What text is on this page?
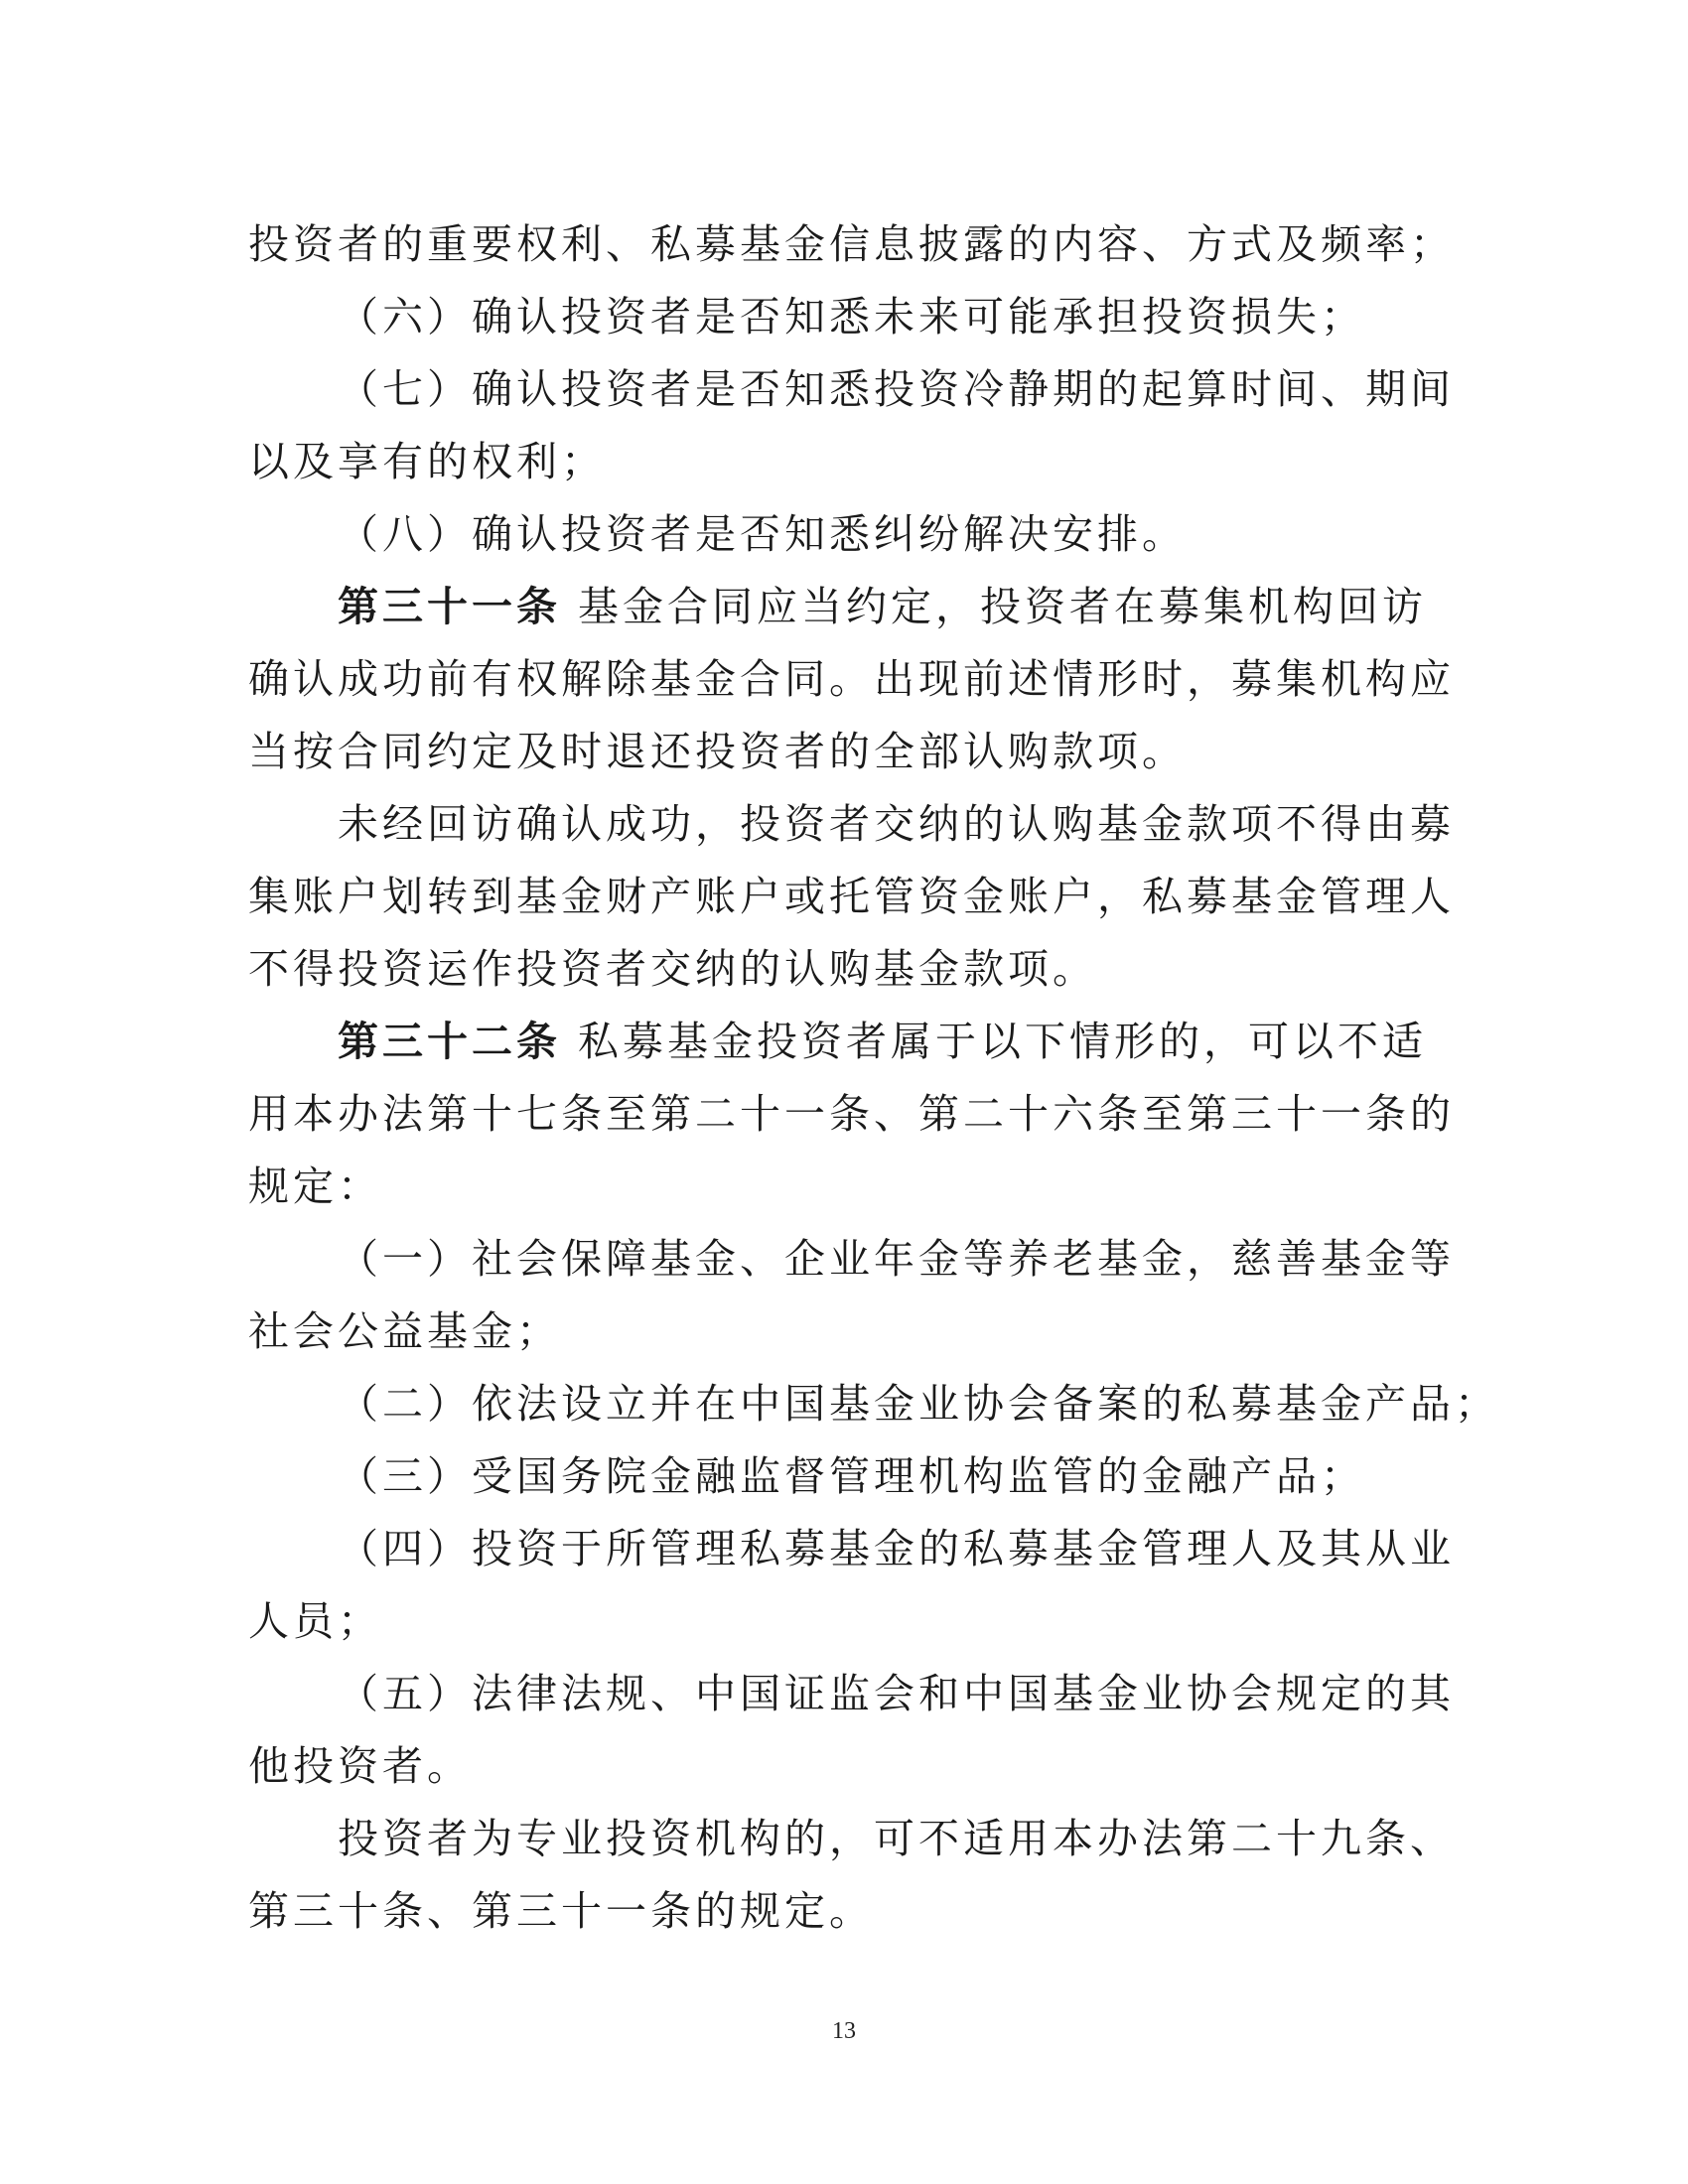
投资者的重要权利、私募基金信息披露的内容、方式及频率；

（六）确认投资者是否知悉未来可能承担投资损失；

（七）确认投资者是否知悉投资冷静期的起算时间、期间

以及享有的权利；

（八）确认投资者是否知悉纠纷解决安排。

第三十一条 基金合同应当约定，投资者在募集机构回访

确认成功前有权解除基金合同。出现前述情形时，募集机构应

当按合同约定及时退还投资者的全部认购款项。

未经回访确认成功，投资者交纳的认购基金款项不得由募

集账户划转到基金财产账户或托管资金账户，私募基金管理人

不得投资运作投资者交纳的认购基金款项。

第三十二条 私募基金投资者属于以下情形的，可以不适

用本办法第十七条至第二十一条、第二十六条至第三十一条的

规定：

（一）社会保障基金、企业年金等养老基金，慈善基金等

社会公益基金；

（二）依法设立并在中国基金业协会备案的私募基金产品；

（三）受国务院金融监督管理机构监管的金融产品；

（四）投资于所管理私募基金的私募基金管理人及其从业

人员；

（五）法律法规、中国证监会和中国基金业协会规定的其

他投资者。

投资者为专业投资机构的，可不适用本办法第二十九条、

第三十条、第三十一条的规定。

13
